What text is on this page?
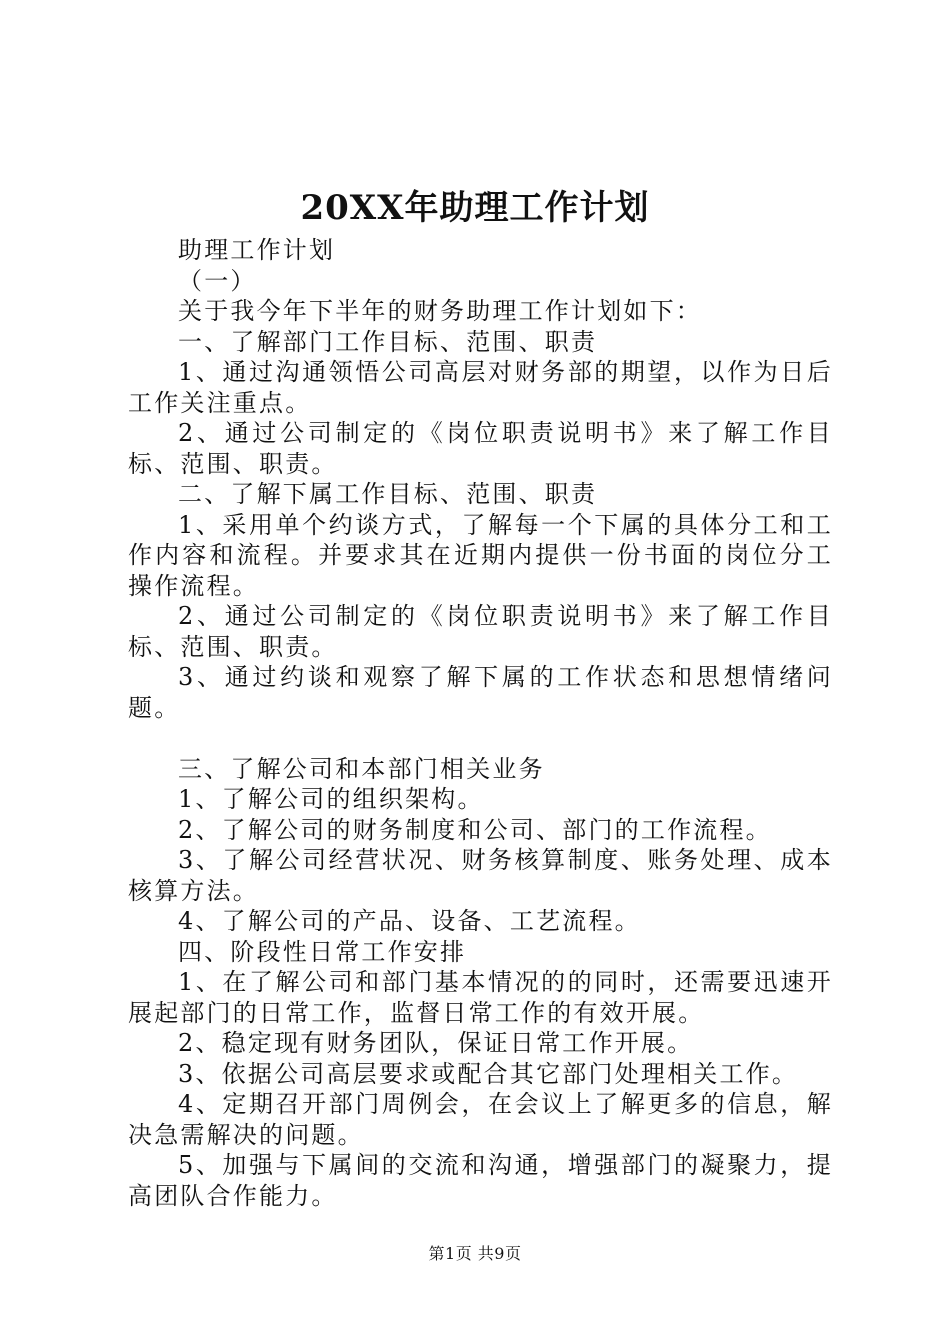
20XX年助理工作计划

助理工作计划

（一）

关于我今年下半年的财务助理工作计划如下：

一、了解部门工作目标、范围、职责

1、通过沟通领悟公司高层对财务部的期望，以作为日后工作关注重点。

2、通过公司制定的《岗位职责说明书》来了解工作目标、范围、职责。

二、了解下属工作目标、范围、职责

1、采用单个约谈方式，了解每一个下属的具体分工和工作内容和流程。并要求其在近期内提供一份书面的岗位分工操作流程。

2、通过公司制定的《岗位职责说明书》来了解工作目标、范围、职责。

3、通过约谈和观察了解下属的工作状态和思想情绪问题。

三、了解公司和本部门相关业务

1、了解公司的组织架构。

2、了解公司的财务制度和公司、部门的工作流程。

3、了解公司经营状况、财务核算制度、账务处理、成本核算方法。

4、了解公司的产品、设备、工艺流程。

四、阶段性日常工作安排

1、在了解公司和部门基本情况的的同时，还需要迅速开展起部门的日常工作，监督日常工作的有效开展。

2、稳定现有财务团队，保证日常工作开展。

3、依据公司高层要求或配合其它部门处理相关工作。

4、定期召开部门周例会，在会议上了解更多的信息，解决急需解决的问题。

5、加强与下属间的交流和沟通，增强部门的凝聚力，提高团队合作能力。

第1页 共9页
